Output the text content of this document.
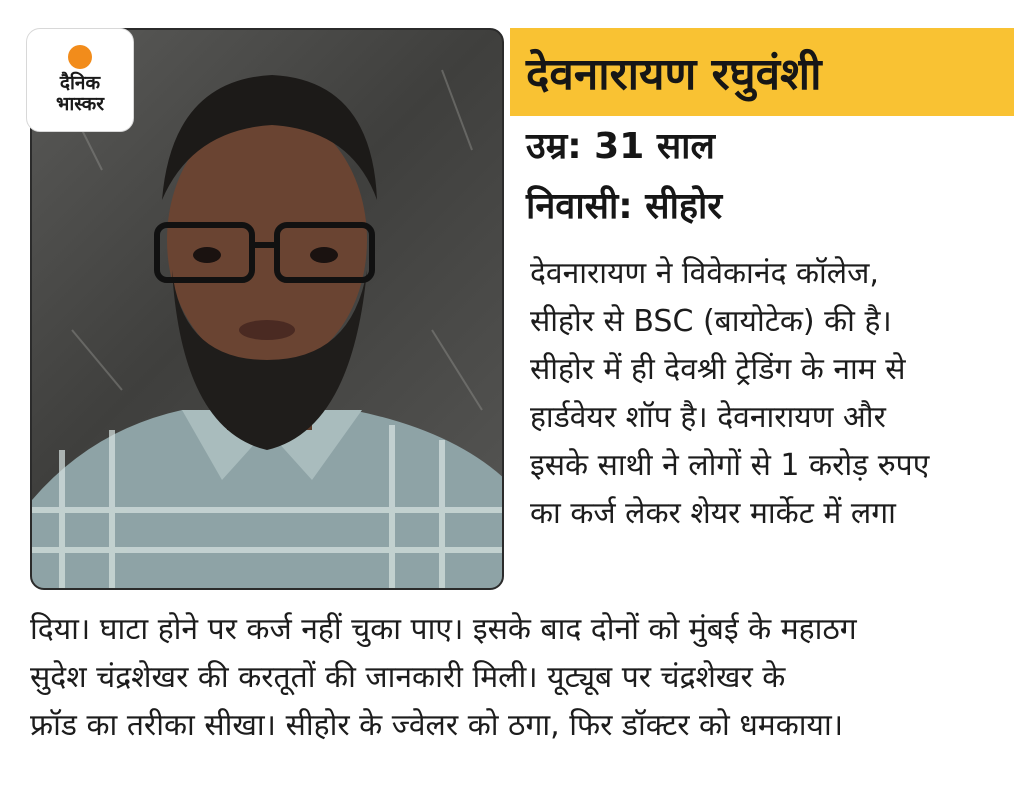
दैनिक
भास्कर
देवनारायण रघुवंशी
उम्र: 31 साल
निवासी: सीहोर
देवनारायण ने विवेकानंद कॉलेज,
सीहोर से BSC (बायोटेक) की है।
सीहोर में ही देवश्री ट्रेडिंग के नाम से
हार्डवेयर शॉप है। देवनारायण और
इसके साथी ने लोगों से 1 करोड़ रुपए
का कर्ज लेकर शेयर मार्केट में लगा
दिया। घाटा होने पर कर्ज नहीं चुका पाए। इसके बाद दोनों को मुंबई के महाठग
सुदेश चंद्रशेखर की करतूतों की जानकारी मिली। यूट्यूब पर चंद्रशेखर के
फ्रॉड का तरीका सीखा। सीहोर के ज्वेलर को ठगा, फिर डॉक्टर को धमकाया।
